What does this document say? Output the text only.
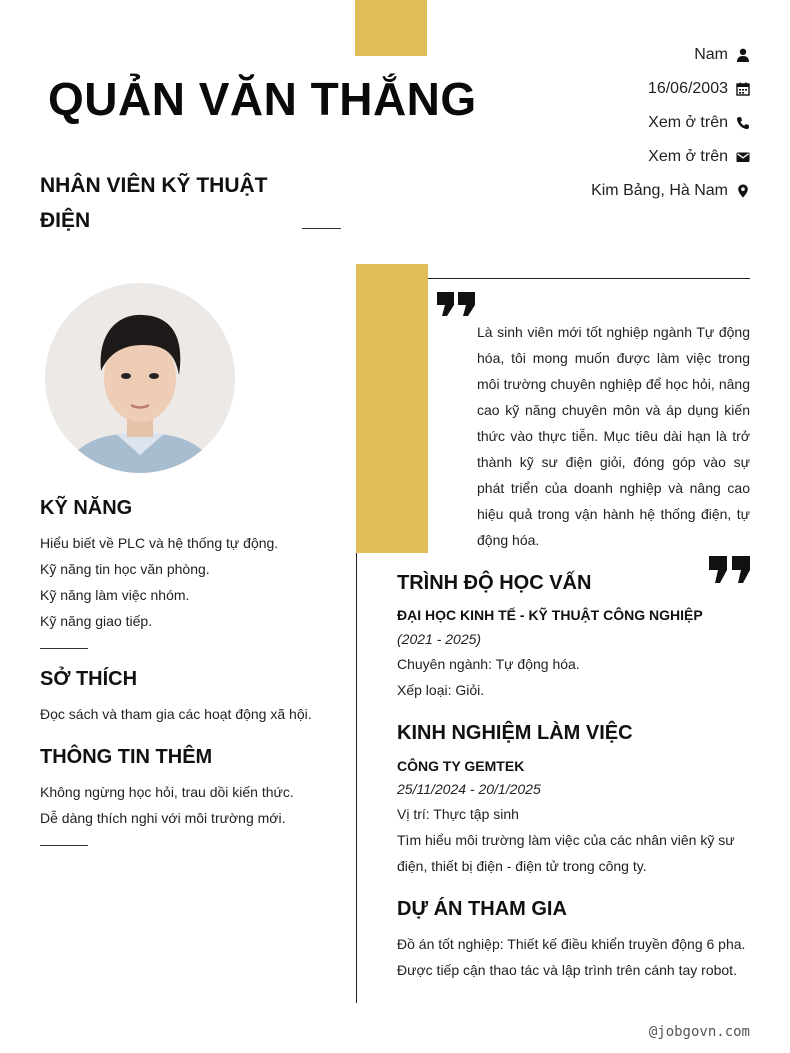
QUẢN VĂN THẮNG
NHÂN VIÊN KỸ THUẬT ĐIỆN
Nam
16/06/2003
Xem ở trên
Xem ở trên
Kim Bảng, Hà Nam
KỸ NĂNG
Hiểu biết về PLC và hệ thống tự động.
Kỹ năng tin học văn phòng.
Kỹ năng làm việc nhóm.
Kỹ năng giao tiếp.
SỞ THÍCH
Đọc sách và tham gia các hoạt động xã hội.
THÔNG TIN THÊM
Không ngừng học hỏi, trau dồi kiến thức.
Dễ dàng thích nghi với môi trường mới.
Là sinh viên mới tốt nghiệp ngành Tự động hóa, tôi mong muốn được làm việc trong môi trường chuyên nghiệp để học hỏi, nâng cao kỹ năng chuyên môn và áp dụng kiến thức vào thực tiễn. Mục tiêu dài hạn là trở thành kỹ sư điện giỏi, đóng góp vào sự phát triển của doanh nghiệp và nâng cao hiệu quả trong vận hành hệ thống điện, tự động hóa.
TRÌNH ĐỘ HỌC VẤN
ĐẠI HỌC KINH TẾ - KỸ THUẬT CÔNG NGHIỆP
(2021 - 2025)
Chuyên ngành: Tự động hóa.
Xếp loại: Giỏi.
KINH NGHIỆM LÀM VIỆC
CÔNG TY GEMTEK
25/11/2024 - 20/1/2025
Vị trí: Thực tập sinh
Tìm hiểu môi trường làm việc của các nhân viên kỹ sư điện, thiết bị điện - điện tử trong công ty.
DỰ ÁN THAM GIA
Đồ án tốt nghiệp: Thiết kế điều khiển truyền động 6 pha.
Được tiếp cận thao tác và lập trình trên cánh tay robot.
@jobgovn.com
